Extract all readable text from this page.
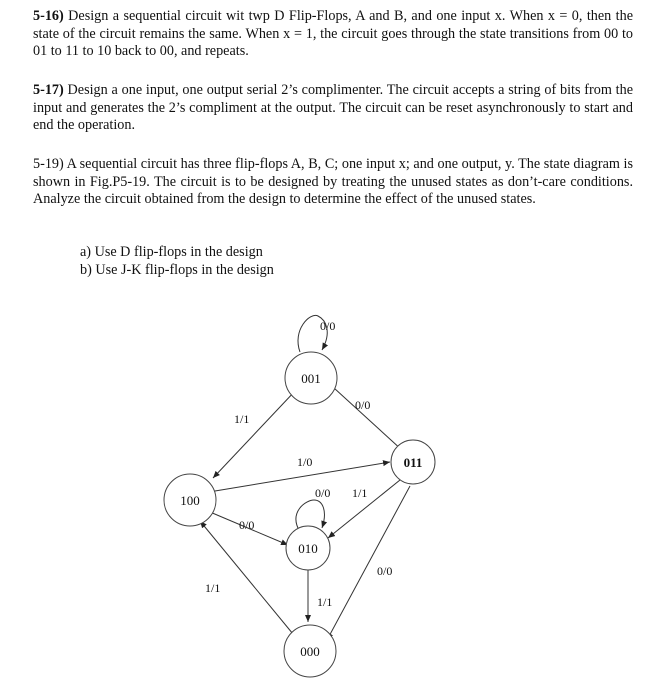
5-16) Design a sequential circuit wit twp D Flip-Flops, A and B, and one input x. When x = 0, then the state of the circuit remains the same. When x = 1, the circuit goes through the state transitions from 00 to 01 to 11 to 10 back to 00, and repeats.

5-17) Design a one input, one output serial 2’s complimenter. The circuit accepts a string of bits from the input and generates the 2’s compliment at the output. The circuit can be reset asynchronously to start and end the operation.

5-19) A sequential circuit has three flip-flops A, B, C; one input x; and one output, y. The state diagram is shown in Fig.P5-19. The circuit is to be designed by treating the unused states as don’t-care conditions. Analyze the circuit obtained from the design to determine the effect of the unused states.

a) Use D flip-flops in the design
b) Use J-K flip-flops in the design
001
011
100
010
000
0/0
0/0
1/1
1/0
0/0 1/1
0/0
1/1
1/1
0/0
